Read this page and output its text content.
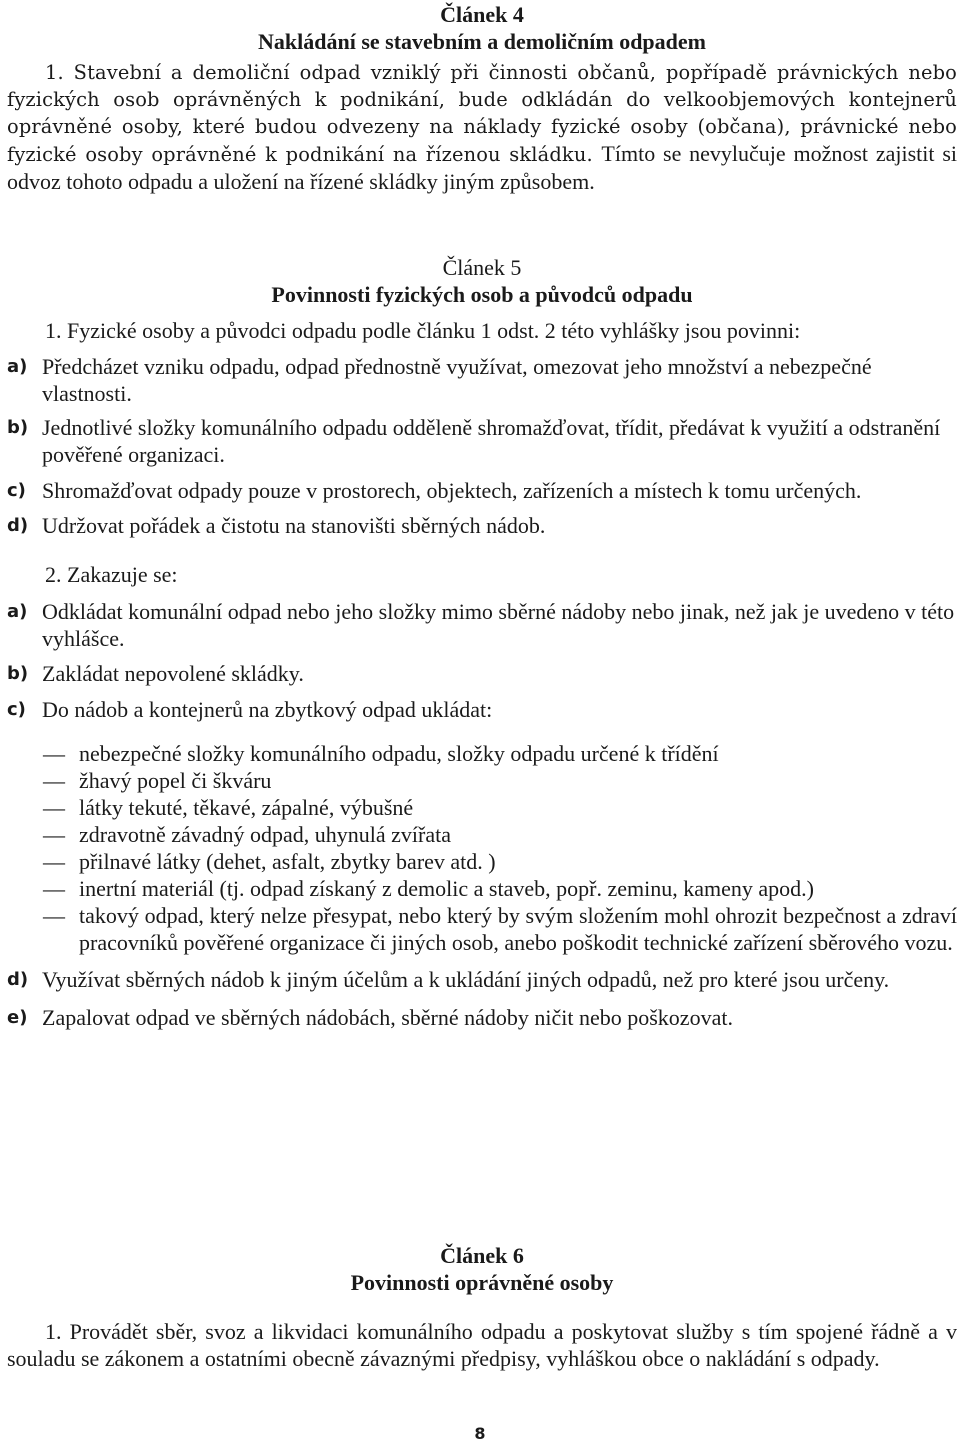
Článek 4

Nakládání se stavebním a demoličním odpadem

1. Stavební a demoliční odpad vzniklý při činnosti občanů, popřípadě právnických nebo fyzických osob oprávněných k podnikání, bude odkládán do velkoobjemových kontejnerů oprávněné osoby, které budou odvezeny na náklady fyzické osoby (občana), právnické nebo fyzické osoby oprávněné k podnikání na řízenou skládku. Tímto se nevylučuje možnost zajistit si odvoz tohoto odpadu a uložení na řízené skládky jiným způsobem.

Článek 5

Povinnosti fyzických osob a původců odpadu

1. Fyzické osoby a původci odpadu podle článku 1 odst. 2 této vyhlášky jsou povinni:

a) Předcházet vzniku odpadu, odpad přednostně využívat, omezovat jeho množství a nebezpečné vlastnosti.
b) Jednotlivé složky komunálního odpadu odděleně shromažďovat, třídit, předávat k využití a odstranění pověřené organizaci.
c) Shromažďovat odpady pouze v prostorech, objektech, zařízeních a místech k tomu určených.
d) Udržovat pořádek a čistotu na stanovišti sběrných nádob.

2. Zakazuje se:

a) Odkládat komunální odpad nebo jeho složky mimo sběrné nádoby nebo jinak, než jak je uvedeno v této vyhlášce.
b) Zakládat nepovolené skládky.
c) Do nádob a kontejnerů na zbytkový odpad ukládat:
— nebezpečné složky komunálního odpadu, složky odpadu určené k třídění
— žhavý popel či škváru
— látky tekuté, těkavé, zápalné, výbušné
— zdravotně závadný odpad, uhynulá zvířata
— přilnavé látky (dehet, asfalt, zbytky barev atd. )
— inertní materiál (tj. odpad získaný z demolic a staveb, popř. zeminu, kameny apod.)
— takový odpad, který nelze přesypat, nebo který by svým složením mohl ohrozit bezpečnost a zdraví pracovníků pověřené organizace či jiných osob, anebo poškodit technické zařízení sběrového vozu.
d) Využívat sběrných nádob k jiným účelům a k ukládání jiných odpadů, než pro které jsou určeny.
e) Zapalovat odpad ve sběrných nádobách, sběrné nádoby ničit nebo poškozovat.

Článek 6

Povinnosti oprávněné osoby

1. Provádět sběr, svoz a likvidaci komunálního odpadu a poskytovat služby s tím spojené řádně a v souladu se zákonem a ostatními obecně závaznými předpisy, vyhláškou obce o nakládání s odpady.

8
